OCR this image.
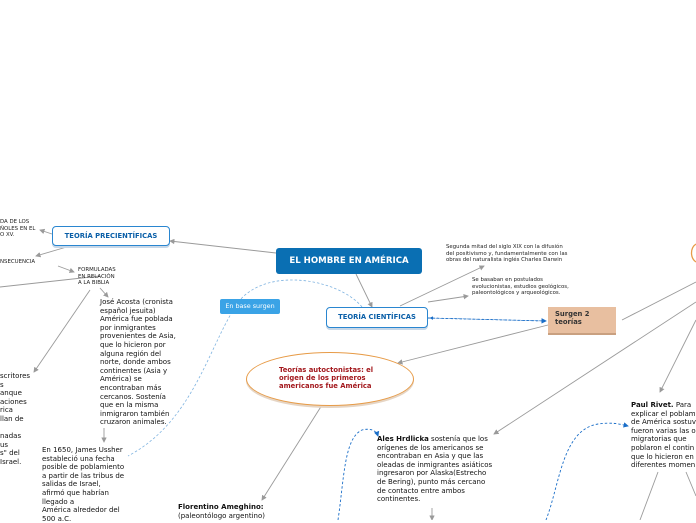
EL HOMBRE EN AMÉRICA
TEORÍA PRECIENTÍFICAS
TEORÍA CIENTÍFICAS
En base surgen
Surgen 2
teorías
Teorías autoctonistas: el origen de los primeros americanos fue América
DA DE LOS
ÑOLES EN EL
O XV.
NSECUENCIA
FORMULADAS
EN RELACIÓN
A LA BIBLIA
Segunda mitad del siglo XIX con la difusión
del positivismo y, fundamentalmente con las
obras del naturalista inglés Charles Darwin
Se basaban en postulados
evolucionistas, estudios geológicos,
paleontológicos y arqueológicos.
José Acosta (cronista
español jesuita)
América fue poblada
por inmigrantes
provenientes de Asia,
que lo hicieron por
alguna región del
norte, donde ambos
continentes (Asia y
América) se
encontraban más
cercanos. Sostenía
que en la misma
inmigraron también
cruzaron animales.
scritores
s
anque
aciones
rica
llan de
nadas
us
s" del
Israel.
En 1650, James Ussher
estableció una fecha
posible de poblamiento
a partir de las tribus de
salidas de Israel,
afirmó que habrían
llegado a
América alrededor del
500 a.C.
Florentino Ameghino:
(paleontólogo argentino)
Ales Hrdlicka sostenía que los
orígenes de los americanos se
encontraban en Asia y que las
oleadas de inmigrantes asiáticos
ingresaron por Alaska(Estrecho
de Bering), punto más cercano
de contacto entre ambos
continentes.
Paul Rivet. Para
explicar el poblam
de América sostuv
fueron varias las o
migratorias que
poblaron el contin
que lo hicieron en
diferentes momen
